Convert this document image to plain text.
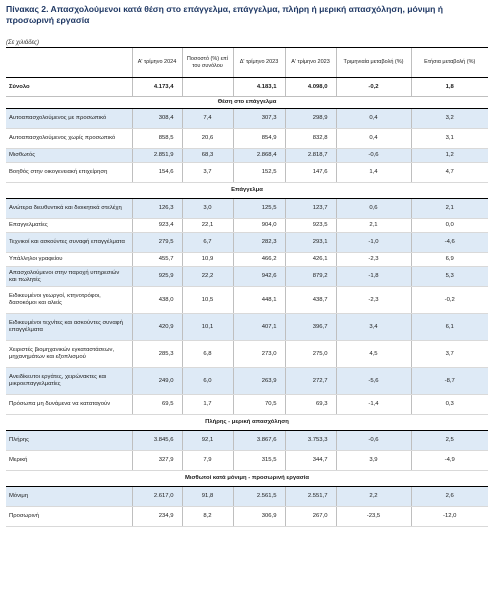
Πίνακας 2. Απασχολούμενοι κατά θέση στο επάγγελμα, επάγγελμα, πλήρη ή μερική απασχόληση, μόνιμη ή προσωρινή εργασία
(Σε χιλιάδες)
	Α' τρίμηνο 2024	Ποσοστό (%) επί του συνόλου	Δ' τρίμηνο 2023	Α' τρίμηνο 2023	Τριμηνιαία μεταβολή (%)	Ετήσια μεταβολή (%)
Σύνολο	4.173,4		4.183,1	4.098,0	-0,2	1,8
Θέση στο επάγγελμα						
Αυτοαπασχολούμενος με προσωπικό	308,4	7,4	307,3	298,9	0,4	3,2
Αυτοαπασχολούμενος χωρίς προσωπικό	858,5	20,6	854,9	832,8	0,4	3,1
Μισθωτός	2.851,9	68,3	2.868,4	2.818,7	-0,6	1,2
Βοηθός στην οικογενειακή επιχείρηση	154,6	3,7	152,5	147,6	1,4	4,7
Επάγγελμα						
Ανώτερα διευθυντικά και διοικητικά στελέχη	126,3	3,0	125,5	123,7	0,6	2,1
Επαγγελματίες	923,4	22,1	904,0	923,5	2,1	0,0
Τεχνικοί και ασκούντες συναφή επαγγέλματα	279,5	6,7	282,3	293,1	-1,0	-4,6
Υπάλληλοι γραφείου	455,7	10,9	466,2	426,1	-2,3	6,9
Απασχολούμενοι στην παροχή υπηρεσιών και πωλητές	925,9	22,2	942,6	879,2	-1,8	5,3
Ειδικευμένοι γεωργοί, κτηνοτρόφοι, δασοκόμοι και αλιείς	438,0	10,5	448,1	438,7	-2,3	-0,2
Ειδικευμένοι τεχνίτες και ασκούντες συναφή επαγγέλματα	420,9	10,1	407,1	396,7	3,4	6,1
Χειριστές βιομηχανικών εγκαταστάσεων, μηχανημάτων και εξοπλισμού	285,3	6,8	273,0	275,0	4,5	3,7
Ανειδίκευτοι εργάτες, χειρώνακτες και μικροεπαγγελματίες	249,0	6,0	263,9	272,7	-5,6	-8,7
Πρόσωπα μη δυνάμενα να καταταγούν	69,5	1,7	70,5	69,3	-1,4	0,3
Πλήρης - μερική απασχόληση						
Πλήρης	3.845,6	92,1	3.867,6	3.753,3	-0,6	2,5
Μερική	327,9	7,9	315,5	344,7	3,9	-4,9
Μισθωτοί κατά μόνιμη - προσωρινή εργασία						
Μόνιμη	2.617,0	91,8	2.561,5	2.551,7	2,2	2,6
Προσωρινή	234,9	8,2	306,9	267,0	-23,5	-12,0
